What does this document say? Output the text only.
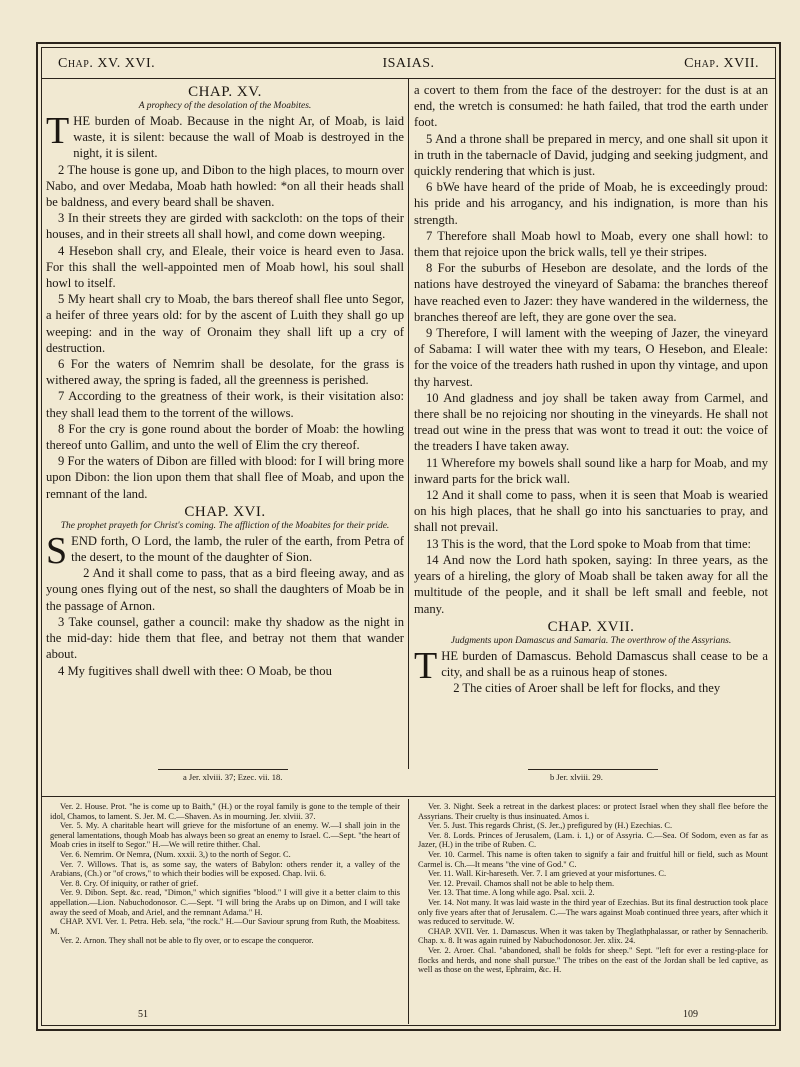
Chap. XV. XVI.	ISAIAS.	Chap. XVII.
CHAP. XV.
A prophecy of the desolation of the Moabites.

THE burden of Moab. Because in the night Ar, of Moab, is laid waste, it is silent: because the wall of Moab is destroyed in the night, it is silent.

2 The house is gone up, and Dibon to the high places, to mourn over Nabo, and over Medaba, Moab hath howled: *on all their heads shall be baldness, and every beard shall be shaven.

3 In their streets they are girded with sackcloth: on the tops of their houses, and in their streets all shall howl, and come down weeping.

4 Hesebon shall cry, and Eleale, their voice is heard even to Jasa. For this shall the well-appointed men of Moab howl, his soul shall howl to itself.

5 My heart shall cry to Moab, the bars thereof shall flee unto Segor, a heifer of three years old: for by the ascent of Luith they shall go up weeping: and in the way of Oronaim they shall lift up a cry of destruction.

6 For the waters of Nemrim shall be desolate, for the grass is withered away, the spring is faded, all the greenness is perished.

7 According to the greatness of their work, is their visitation also: they shall lead them to the torrent of the willows.

8 For the cry is gone round about the border of Moab: the howling thereof unto Gallim, and unto the well of Elim the cry thereof.

9 For the waters of Dibon are filled with blood: for I will bring more upon Dibon: the lion upon them that shall flee of Moab, and upon the remnant of the land.

CHAP. XVI.
The prophet prayeth for Christ's coming. The affliction of the Moabites for their pride.

SEND forth, O Lord, the lamb, the ruler of the earth, from Petra of the desert, to the mount of the daughter of Sion.

2 And it shall come to pass, that as a bird fleeing away, and as young ones flying out of the nest, so shall the daughters of Moab be in the passage of Arnon.

3 Take counsel, gather a council: make thy shadow as the night in the mid-day: hide them that flee, and betray not them that wander about.

4 My fugitives shall dwell with thee: O Moab, be thou

a covert to them from the face of the destroyer: for the dust is at an end, the wretch is consumed: he hath failed, that trod the earth under foot.

5 And a throne shall be prepared in mercy, and one shall sit upon it in truth in the tabernacle of David, judging and seeking judgment, and quickly rendering that which is just.

6 bWe have heard of the pride of Moab, he is exceedingly proud: his pride and his arrogancy, and his indignation, is more than his strength.

7 Therefore shall Moab howl to Moab, every one shall howl: to them that rejoice upon the brick walls, tell ye their stripes.

8 For the suburbs of Hesebon are desolate, and the lords of the nations have destroyed the vineyard of Sabama: the branches thereof have reached even to Jazer: they have wandered in the wilderness, the branches thereof are left, they are gone over the sea.

9 Therefore, I will lament with the weeping of Jazer, the vineyard of Sabama: I will water thee with my tears, O Hesebon, and Eleale: for the voice of the treaders hath rushed in upon thy vintage, and upon thy harvest.

10 And gladness and joy shall be taken away from Carmel, and there shall be no rejoicing nor shouting in the vineyards. He shall not tread out wine in the press that was wont to tread it out: the voice of the treaders I have taken away.

11 Wherefore my bowels shall sound like a harp for Moab, and my inward parts for the brick wall.

12 And it shall come to pass, when it is seen that Moab is wearied on his high places, that he shall go into his sanctuaries to pray, and shall not prevail.

13 This is the word, that the Lord spoke to Moab from that time:

14 And now the Lord hath spoken, saying: In three years, as the years of a hireling, the glory of Moab shall be taken away for all the multitude of the people, and it shall be left small and feeble, not many.

CHAP. XVII.
Judgments upon Damascus and Samaria. The overthrow of the Assyrians.

THE burden of Damascus. Behold Damascus shall cease to be a city, and shall be as a ruinous heap of stones.

2 The cities of Aroer shall be left for flocks, and they

a Jer. xlviii. 37; Ezec. vii. 18.	b Jer. xlviii. 29.

Ver. 2. House. Prot. "he is come up to Baith," (H.) or the royal family is gone to the temple of their idol, Chamos, to lament. S. Jer. M. C.—Shaven. As in mourning. Jer. xlviii. 37.

Ver. 5. My. A charitable heart will grieve for the misfortune of an enemy. W.—I shall join in the general lamentations, though Moab has always been so great an enemy to Israel. C.—Sept. "the heart of Moab cries in itself to Segor." H.—We will retire thither. Chal.

Ver. 6. Nemrim. Or Nemra, (Num. xxxii. 3,) to the north of Segor. C.

Ver. 7. Willows. That is, as some say, the waters of Babylon: others render it, a valley of the Arabians, (Ch.) or "of crows," to which their bodies will be exposed. Chap. lvii. 6.

Ver. 8. Cry. Of iniquity, or rather of grief.

Ver. 9. Dibon. Sept. &c. read, "Dimon," which signifies "blood." I will give it a better claim to this appellation.—Lion. Nabuchodonosor. C.—Sept. "I will bring the Arabs up on Dimon, and I will take away the seed of Moab, and Ariel, and the remnant Adama." H.

CHAP. XVI. Ver. 1. Petra. Heb. sela, "the rock." H.—Our Saviour sprung from Ruth, the Moabitess. M.

Ver. 2. Arnon. They shall not be able to fly over, or to escape the conqueror.

Ver. 3. Night. Seek a retreat in the darkest places: or protect Israel when they shall flee before the Assyrians. Their cruelty is thus insinuated. Amos i.

Ver. 5. Just. This regards Christ, (S. Jer.,) prefigured by (H.) Ezechias. C.

Ver. 8. Lords. Princes of Jerusalem, (Lam. i. 1,) or of Assyria. C.—Sea. Of Sodom, even as far as Jazer, (H.) in the tribe of Ruben. C.

Ver. 10. Carmel. This name is often taken to signify a fair and fruitful hill or field, such as Mount Carmel is. Ch.—It means "the vine of God." C.

Ver. 11. Wall. Kir-hareseth. Ver. 7. I am grieved at your misfortunes. C.

Ver. 12. Prevail. Chamos shall not be able to help them.

Ver. 13. That time. A long while ago. Psal. xcii. 2.

Ver. 14. Not many. It was laid waste in the third year of Ezechias. But its final destruction took place only five years after that of Jerusalem. C.—The wars against Moab continued three years, after which it was reduced to servitude. W.

CHAP. XVII. Ver. 1. Damascus. When it was taken by Theglathphalassar, or rather by Sennacherib. Chap. x. 8. It was again ruined by Nabuchodonosor. Jer. xlix. 24.

Ver. 2. Aroer. Chal. "abandoned, shall be folds for sheep." Sept. "left for ever a resting-place for flocks and herds, and none shall pursue." The tribes on the east of the Jordan shall be led captive, as well as those on the west, Ephraim, &c. H.

51	109
